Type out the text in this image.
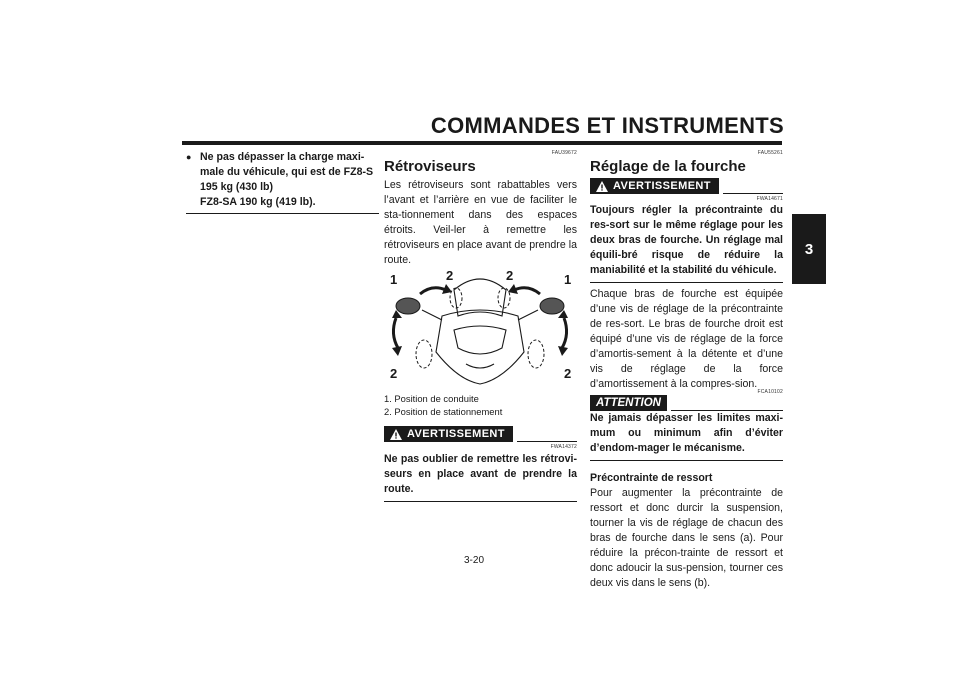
COMMANDES ET INSTRUMENTS
3
● Ne pas dépasser la charge maxi-
male du véhicule, qui est de FZ8-S
195 kg (430 lb)
FZ8-SA 190 kg (419 lb).
FAU39672
Rétroviseurs

Les rétroviseurs sont rabattables vers l’avant et l’arrière en vue de faciliter le sta-tionnement dans des espaces étroits. Veil-ler à remettre les rétroviseurs en place avant de prendre la route.

1	2	2	1
2	2
1. Position de conduite
2. Position de stationnement
AVERTISSEMENT
FWA14372

Ne pas oublier de remettre les rétrovi-seurs en place avant de prendre la route.

FAU55261
Réglage de la fourche
AVERTISSEMENT
FWA14671

Toujours régler la précontrainte du res-sort sur le même réglage pour les deux bras de fourche. Un réglage mal équili-bré risque de réduire la maniabilité et la stabilité du véhicule.

Chaque bras de fourche est équipée d’une vis de réglage de la précontrainte de res-sort. Le bras de fourche droit est équipé d’une vis de réglage de la force d’amortis-sement à la détente et d’une vis de réglage de la force d’amortissement à la compres-sion.

ATTENTION
FCA10102

Ne jamais dépasser les limites maxi-mum ou minimum afin d’éviter d’endom-mager le mécanisme.

Précontrainte de ressort

Pour augmenter la précontrainte de ressort et donc durcir la suspension, tourner la vis de réglage de chacun des bras de fourche dans le sens (a). Pour réduire la précon-trainte de ressort et donc adoucir la sus-pension, tourner ces deux vis dans le sens (b).

3-20
